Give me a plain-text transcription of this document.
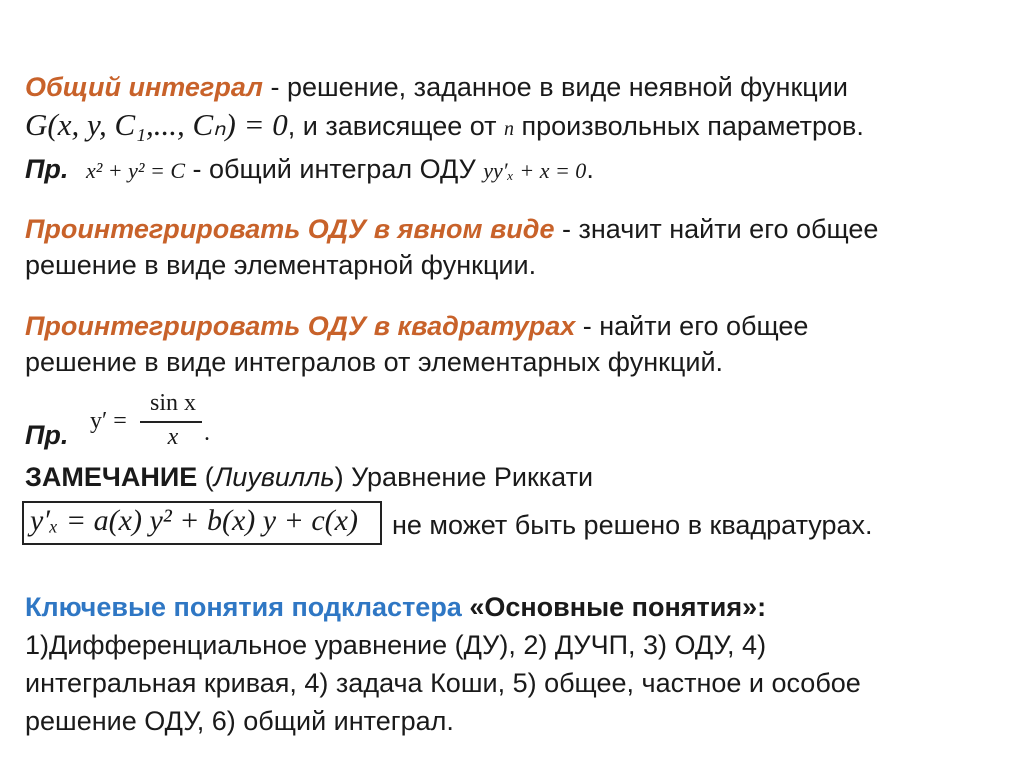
Общий интеграл - решение, заданное в виде неявной функции
G(x, y, C₁,..., Cₙ) = 0, и зависящее от n произвольных параметров.
Пр. x² + y² = C - общий интеграл ОДУ yy′ₓ + x = 0.
Проинтегрировать ОДУ в явном виде - значит найти его общее
решение в виде элементарной функции.
Проинтегрировать ОДУ в квадратурах - найти его общее
решение в виде интегралов от элементарных функций.
Пр. y′ =
sin x
x	.
ЗАМЕЧАНИЕ (Лиувилль) Уравнение Риккати
y′ₓ = a(x) y² + b(x) y + c(x) не может быть решено в квадратурах.
Ключевые понятия подкластера «Основные понятия»:
1)Дифференциальное уравнение (ДУ), 2) ДУЧП, 3) ОДУ, 4)
интегральная кривая, 4) задача Коши, 5) общее, частное и особое
решение ОДУ, 6) общий интеграл.
